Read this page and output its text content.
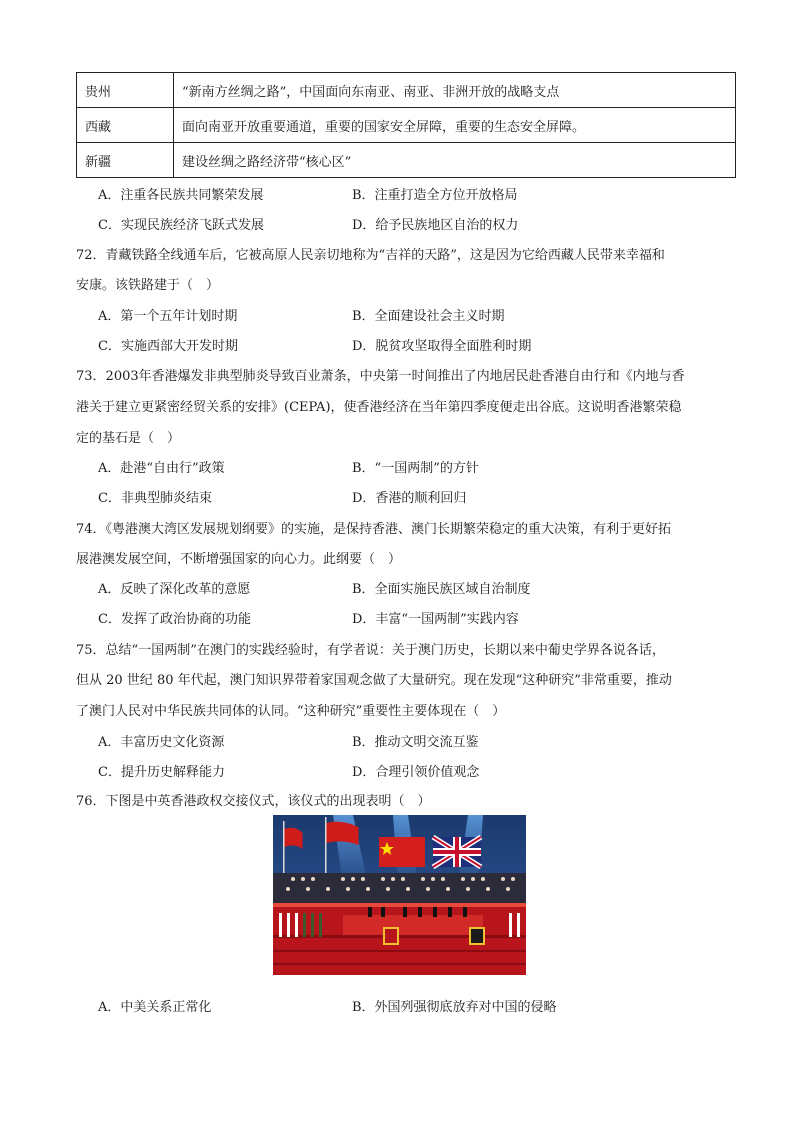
贵州	“新南方丝绸之路”，中国面向东南亚、南亚、非洲开放的战略支点
西藏	面向南亚开放重要通道，重要的国家安全屏障，重要的生态安全屏障。
新疆	建设丝绸之路经济带“核心区”
A．注重各民族共同繁荣发展	B．注重打造全方位开放格局
C．实现民族经济飞跃式发展	D．给予民族地区自治的权力
72．青藏铁路全线通车后，它被高原人民亲切地称为“吉祥的天路”，这是因为它给西藏人民带来幸福和
安康。该铁路建于（　）
A．第一个五年计划时期	B．全面建设社会主义时期
C．实施西部大开发时期	D．脱贫攻坚取得全面胜利时期
73．2003年香港爆发非典型肺炎导致百业萧条，中央第一时间推出了内地居民赴香港自由行和《内地与香
港关于建立更紧密经贸关系的安排》(CEPA)，使香港经济在当年第四季度便走出谷底。这说明香港繁荣稳
定的基石是（　）
A．赴港“自由行”政策	B．“一国两制”的方针
C．非典型肺炎结束	D．香港的顺利回归
74．《粤港澳大湾区发展规划纲要》的实施，是保持香港、澳门长期繁荣稳定的重大决策，有利于更好拓
展港澳发展空间，不断增强国家的向心力。此纲要（　）
A．反映了深化改革的意愿	B．全面实施民族区域自治制度
C．发挥了政治协商的功能	D．丰富“一国两制”实践内容
75．总结“一国两制”在澳门的实践经验时，有学者说：关于澳门历史，长期以来中葡史学界各说各话，
但从 20 世纪 80 年代起，澳门知识界带着家国观念做了大量研究。现在发现“这种研究”非常重要，推动
了澳门人民对中华民族共同体的认同。“这种研究”重要性主要体现在（　）
A．丰富历史文化资源	B．推动文明交流互鉴
C．提升历史解释能力	D．合理引领价值观念
76．下图是中英香港政权交接仪式，该仪式的出现表明（　）
A．中美关系正常化	B．外国列强彻底放弃对中国的侵略
